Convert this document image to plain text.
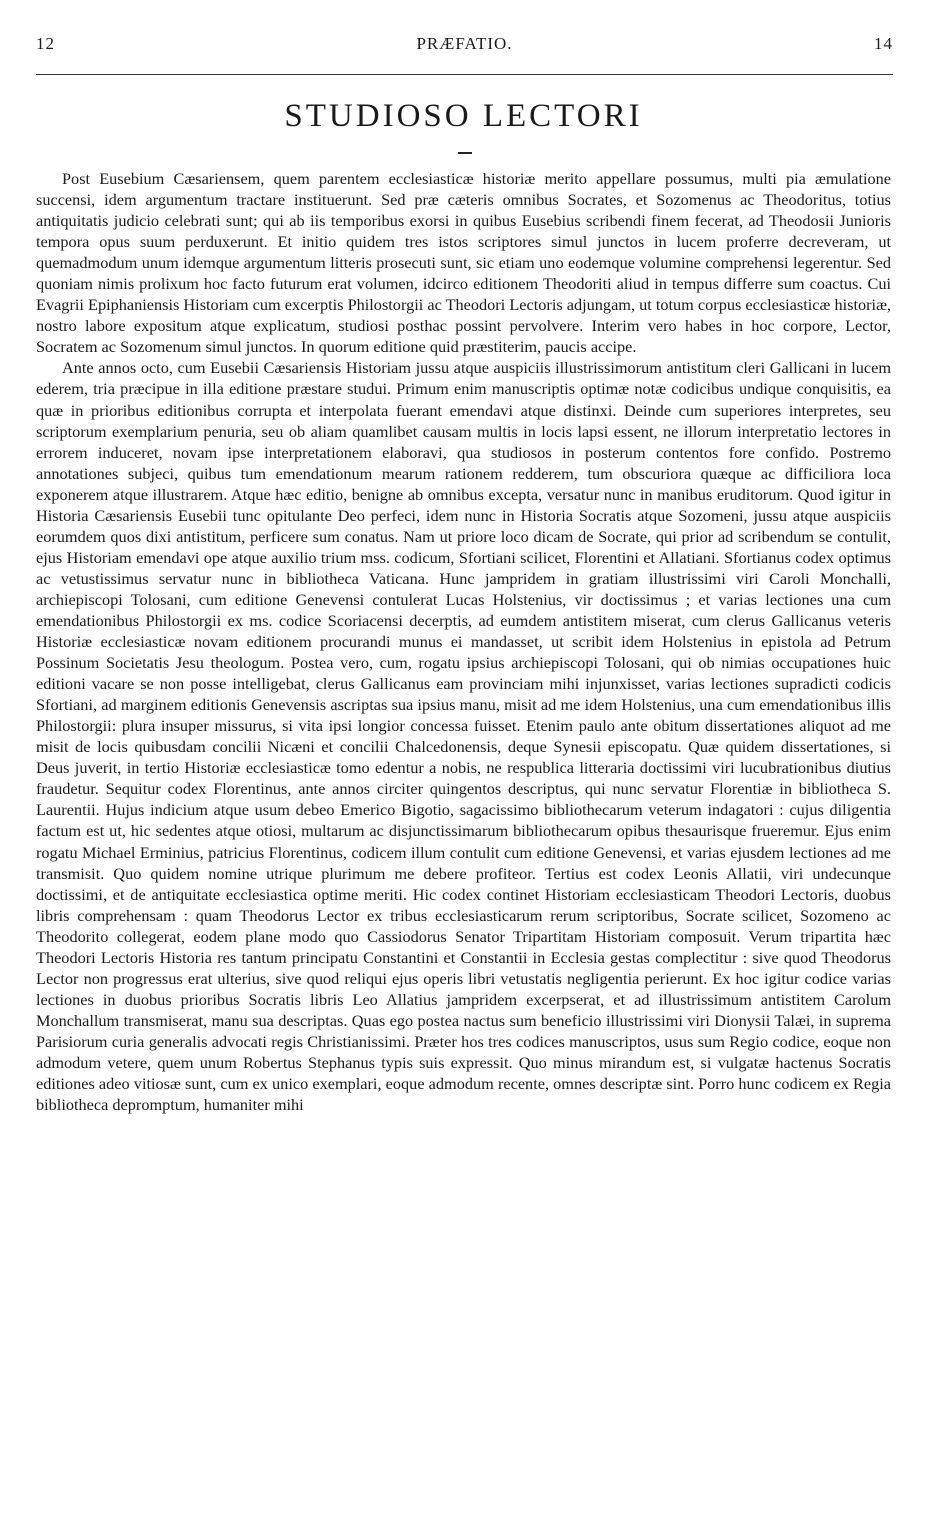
12	PRÆFATIO.	14
STUDIOSO LECTORI

Post Eusebium Cæsariensem, quem parentem ecclesiasticæ historiæ merito appellare possumus, multi pia æmulatione succensi, idem argumentum tractare instituerunt. Sed præ cæteris omnibus Socrates, et Sozomenus ac Theodoritus, totius antiquitatis judicio celebrati sunt; qui ab iis temporibus exorsi in quibus Eusebius scribendi finem fecerat, ad Theodosii Junioris tempora opus suum perduxerunt. Et initio quidem tres istos scriptores simul junctos in lucem proferre decreveram, ut quemadmodum unum idemque argumentum litteris prosecuti sunt, sic etiam uno eodemque volumine comprehensi legerentur. Sed quoniam nimis prolixum hoc facto futurum erat volumen, idcirco editionem Theodoriti aliud in tempus differre sum coactus. Cui Evagrii Epiphaniensis Historiam cum excerptis Philostorgii ac Theodori Lectoris adjungam, ut totum corpus ecclesiasticæ historiæ, nostro labore expositum atque explicatum, studiosi posthac possint pervolvere. Interim vero habes in hoc corpore, Lector, Socratem ac Sozomenum simul junctos. In quorum editione quid præstiterim, paucis accipe.

Ante annos octo, cum Eusebii Cæsariensis Historiam jussu atque auspiciis illustrissimorum antistitum cleri Gallicani in lucem ederem, tria præcipue in illa editione præstare studui. Primum enim manuscriptis optimæ notæ codicibus undique conquisitis, ea quæ in prioribus editionibus corrupta et interpolata fuerant emendavi atque distinxi. Deinde cum superiores interpretes, seu scriptorum exemplarium penuria, seu ob aliam quamlibet causam multis in locis lapsi essent, ne illorum interpretatio lectores in errorem induceret, novam ipse interpretationem elaboravi, qua studiosos in posterum contentos fore confido. Postremo annotationes subjeci, quibus tum emendationum mearum rationem redderem, tum obscuriora quæque ac difficiliora loca exponerem atque illustrarem. Atque hæc editio, benigne ab omnibus excepta, versatur nunc in manibus eruditorum. Quod igitur in Historia Cæsariensis Eusebii tunc opitulante Deo perfeci, idem nunc in Historia Socratis atque Sozomeni, jussu atque auspiciis eorumdem quos dixi antistitum, perficere sum conatus. Nam ut priore loco dicam de Socrate, qui prior ad scribendum se contulit, ejus Historiam emendavi ope atque auxilio trium mss. codicum, Sfortiani scilicet, Florentini et Allatiani. Sfortianus codex optimus ac vetustissimus servatur nunc in bibliotheca Vaticana. Hunc jampridem in gratiam illustrissimi viri Caroli Monchalli, archiepiscopi Tolosani, cum editione Genevensi contulerat Lucas Holstenius, vir doctissimus ; et varias lectiones una cum emendationibus Philostorgii ex ms. codice Scoriacensi decerptis, ad eumdem antistitem miserat, cum clerus Gallicanus veteris Historiæ ecclesiasticæ novam editionem procurandi munus ei mandasset, ut scribit idem Holstenius in epistola ad Petrum Possinum Societatis Jesu theologum. Postea vero, cum, rogatu ipsius archiepiscopi Tolosani, qui ob nimias occupationes huic editioni vacare se non posse intelligebat, clerus Gallicanus eam provinciam mihi injunxisset, varias lectiones supradicti codicis Sfortiani, ad marginem editionis Genevensis ascriptas sua ipsius manu, misit ad me idem Holstenius, una cum emendationibus illis Philostorgii: plura insuper missurus, si vita ipsi longior concessa fuisset. Etenim paulo ante obitum dissertationes aliquot ad me misit de locis quibusdam concilii Nicæni et concilii Chalcedonensis, deque Synesii episcopatu. Quæ quidem dissertationes, si Deus juverit, in tertio Historiæ ecclesiasticæ tomo edentur a nobis, ne respublica litteraria doctissimi viri lucubrationibus diutius fraudetur. Sequitur codex Florentinus, ante annos circiter quingentos descriptus, qui nunc servatur Florentiæ in bibliotheca S. Laurentii. Hujus indicium atque usum debeo Emerico Bigotio, sagacissimo bibliothecarum veterum indagatori : cujus diligentia factum est ut, hic sedentes atque otiosi, multarum ac disjunctissimarum bibliothecarum opibus thesaurisque frueremur. Ejus enim rogatu Michael Erminius, patricius Florentinus, codicem illum contulit cum editione Genevensi, et varias ejusdem lectiones ad me transmisit. Quo quidem nomine utrique plurimum me debere profiteor. Tertius est codex Leonis Allatii, viri undecunque doctissimi, et de antiquitate ecclesiastica optime meriti. Hic codex continet Historiam ecclesiasticam Theodori Lectoris, duobus libris comprehensam : quam Theodorus Lector ex tribus ecclesiasticarum rerum scriptoribus, Socrate scilicet, Sozomeno ac Theodorito collegerat, eodem plane modo quo Cassiodorus Senator Tripartitam Historiam composuit. Verum tripartita hæc Theodori Lectoris Historia res tantum principatu Constantini et Constantii in Ecclesia gestas complectitur : sive quod Theodorus Lector non progressus erat ulterius, sive quod reliqui ejus operis libri vetustatis negligentia perierunt. Ex hoc igitur codice varias lectiones in duobus prioribus Socratis libris Leo Allatius jampridem excerpserat, et ad illustrissimum antistitem Carolum Monchallum transmiserat, manu sua descriptas. Quas ego postea nactus sum beneficio illustrissimi viri Dionysii Talæi, in suprema Parisiorum curia generalis advocati regis Christianissimi. Præter hos tres codices manuscriptos, usus sum Regio codice, eoque non admodum vetere, quem unum Robertus Stephanus typis suis expressit. Quo minus mirandum est, si vulgatæ hactenus Socratis editiones adeo vitiosæ sunt, cum ex unico exemplari, eoque admodum recente, omnes descriptæ sint. Porro hunc codicem ex Regia bibliotheca depromptum, humaniter mihi
